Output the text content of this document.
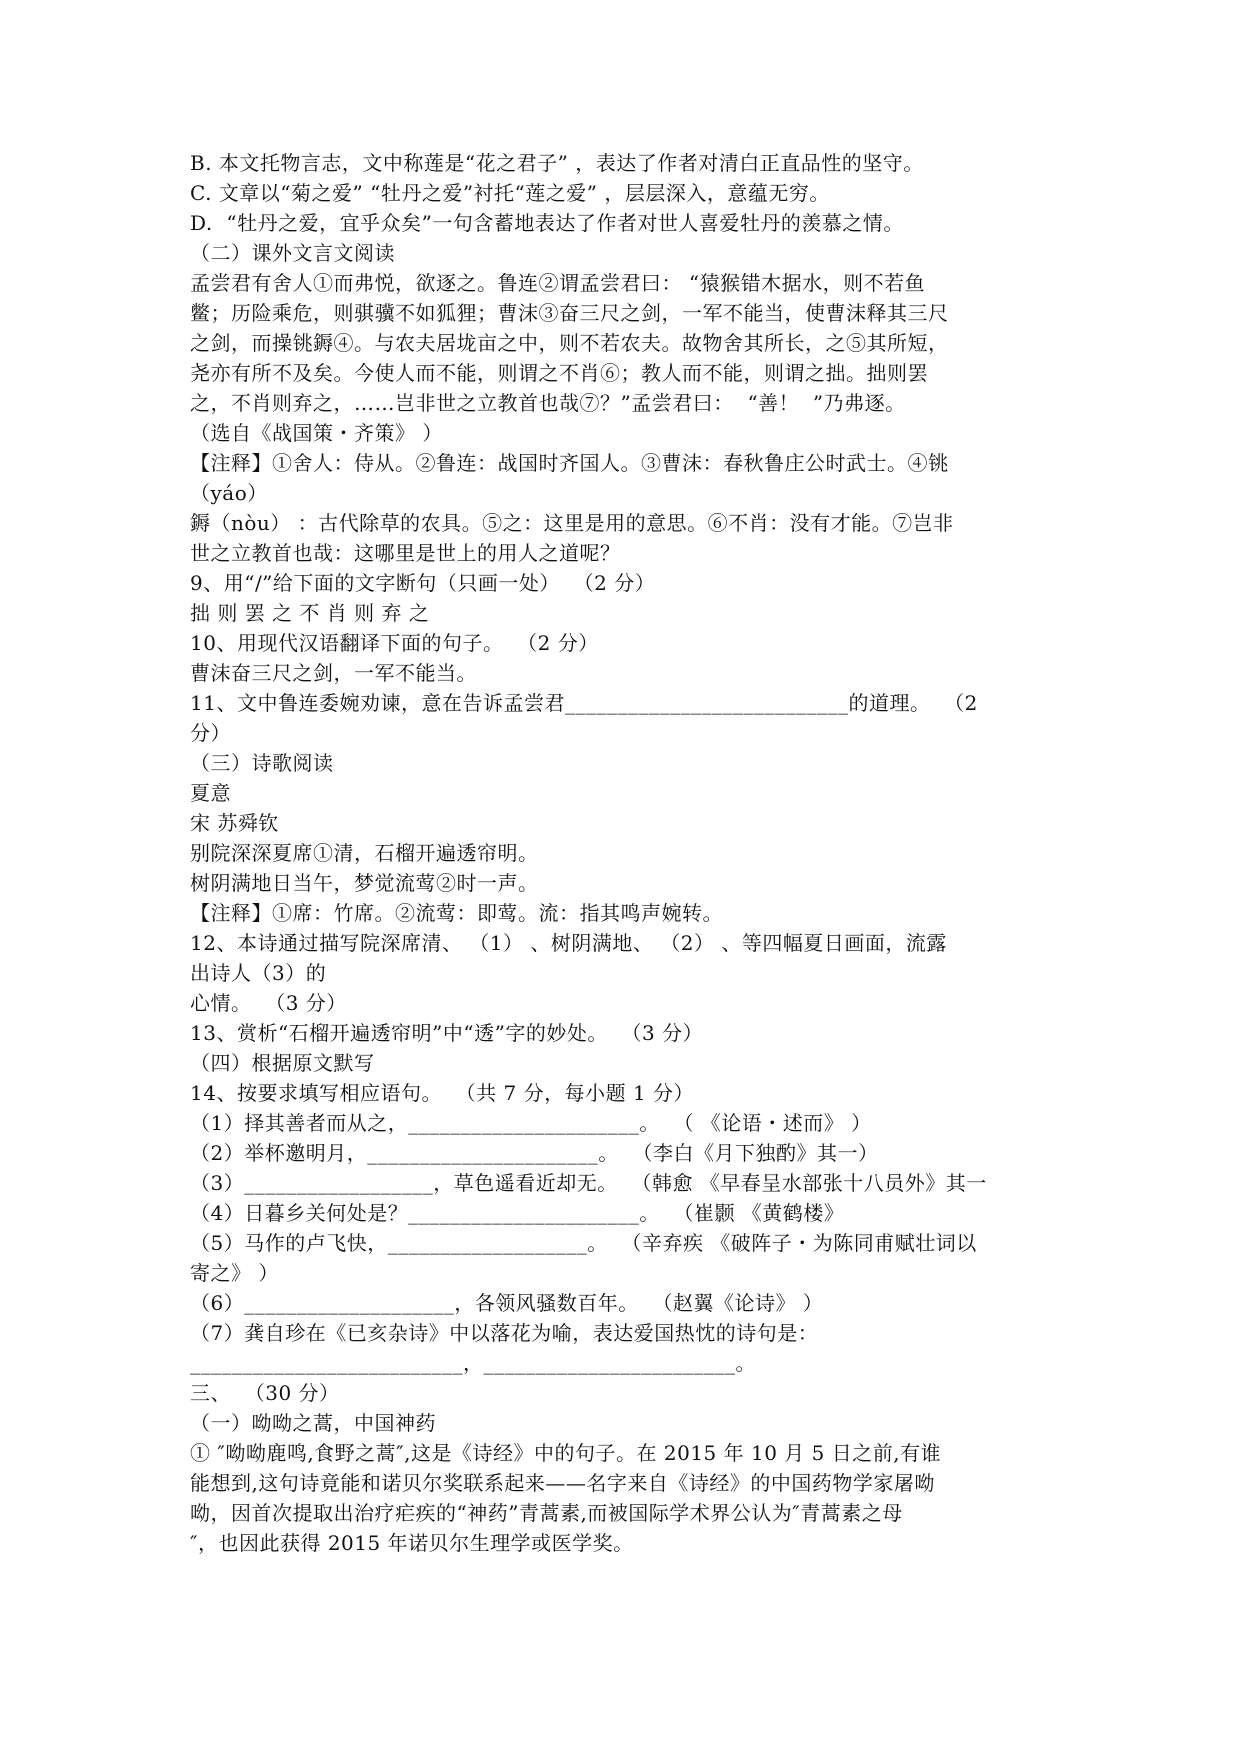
B. 本文托物言志，文中称莲是“花之君子” ，表达了作者对清白正直品性的坚守。
C. 文章以“菊之爱” “牡丹之爱”衬托“莲之爱” ，层层深入，意蕴无穷。
D.  “牡丹之爱，宜乎众矣”一句含蓄地表达了作者对世人喜爱牡丹的羡慕之情。
（二）课外文言文阅读
孟尝君有舍人①而弗悦，欲逐之。鲁连②谓孟尝君曰： “猿猴错木据水，则不若鱼
鳖；历险乘危，则骐骥不如狐狸；曹沫③奋三尺之剑，一军不能当，使曹沫释其三尺
之剑，而操铫鎒④。与农夫居垅亩之中，则不若农夫。故物舍其所长，之⑤其所短，
尧亦有所不及矣。今使人而不能，则谓之不肖⑥；教人而不能，则谓之拙。拙则罢
之，不肖则弃之，……岂非世之立教首也哉⑦？”孟尝君曰：  “善！  ”乃弗逐。
（选自《战国策・齐策》 ）
【注释】①舍人：侍从。②鲁连：战国时齐国人。③曹沫：春秋鲁庄公时武士。④铫
（yáo）
鎒（nòu） ：古代除草的农具。⑤之：这里是用的意思。⑥不肖：没有才能。⑦岂非
世之立教首也哉：这哪里是世上的用人之道呢？
9、用“/”给下面的文字断句（只画一处）  （2 分）
拙 则 罢 之 不 肖 则 弃 之
10、用现代汉语翻译下面的句子。  （2 分）
曹沫奋三尺之剑，一军不能当。
11、文中鲁连委婉劝谏，意在告诉孟尝君___________________________的道理。  （2
分）
（三）诗歌阅读
夏意
宋 苏舜钦
别院深深夏席①清，石榴开遍透帘明。
树阴满地日当午，梦觉流莺②时一声。
【注释】①席：竹席。②流莺：即莺。流：指其鸣声婉转。
12、本诗通过描写院深席清、 （1） 、树阴满地、 （2） 、等四幅夏日画面，流露
出诗人（3）的
心情。  （3 分）
13、赏析“石榴开遍透帘明”中“透”字的妙处。  （3 分）
（四）根据原文默写
14、按要求填写相应语句。  （共 7 分，每小题 1 分）
（1）择其善者而从之，______________________。  （ 《论语・述而》 ）
（2）举杯邀明月，______________________。  （李白《月下独酌》其一）
（3）__________________，草色遥看近却无。  （韩愈 《早春呈水部张十八员外》其一
（4）日暮乡关何处是？______________________。  （崔颢 《黄鹤楼》
（5）马作的卢飞快，___________________。  （辛弃疾 《破阵子・为陈同甫赋壮词以
寄之》 ）
（6）____________________，各领风骚数百年。  （赵翼《论诗》 ）
（7）龚自珍在《已亥杂诗》中以落花为喻，表达爱国热忱的诗句是：
__________________________，________________________。
三、  （30 分）
（一）呦呦之蒿，中国神药
① ″呦呦鹿鸣,食野之蒿″,这是《诗经》中的句子。在 2015 年 10 月 5 日之前,有谁
能想到,这句诗竟能和诺贝尔奖联系起来——名字来自《诗经》的中国药物学家屠呦
呦，因首次提取出治疗疟疾的“神药”青蒿素,而被国际学术界公认为″青蒿素之母
″，也因此获得 2015 年诺贝尔生理学或医学奖。
